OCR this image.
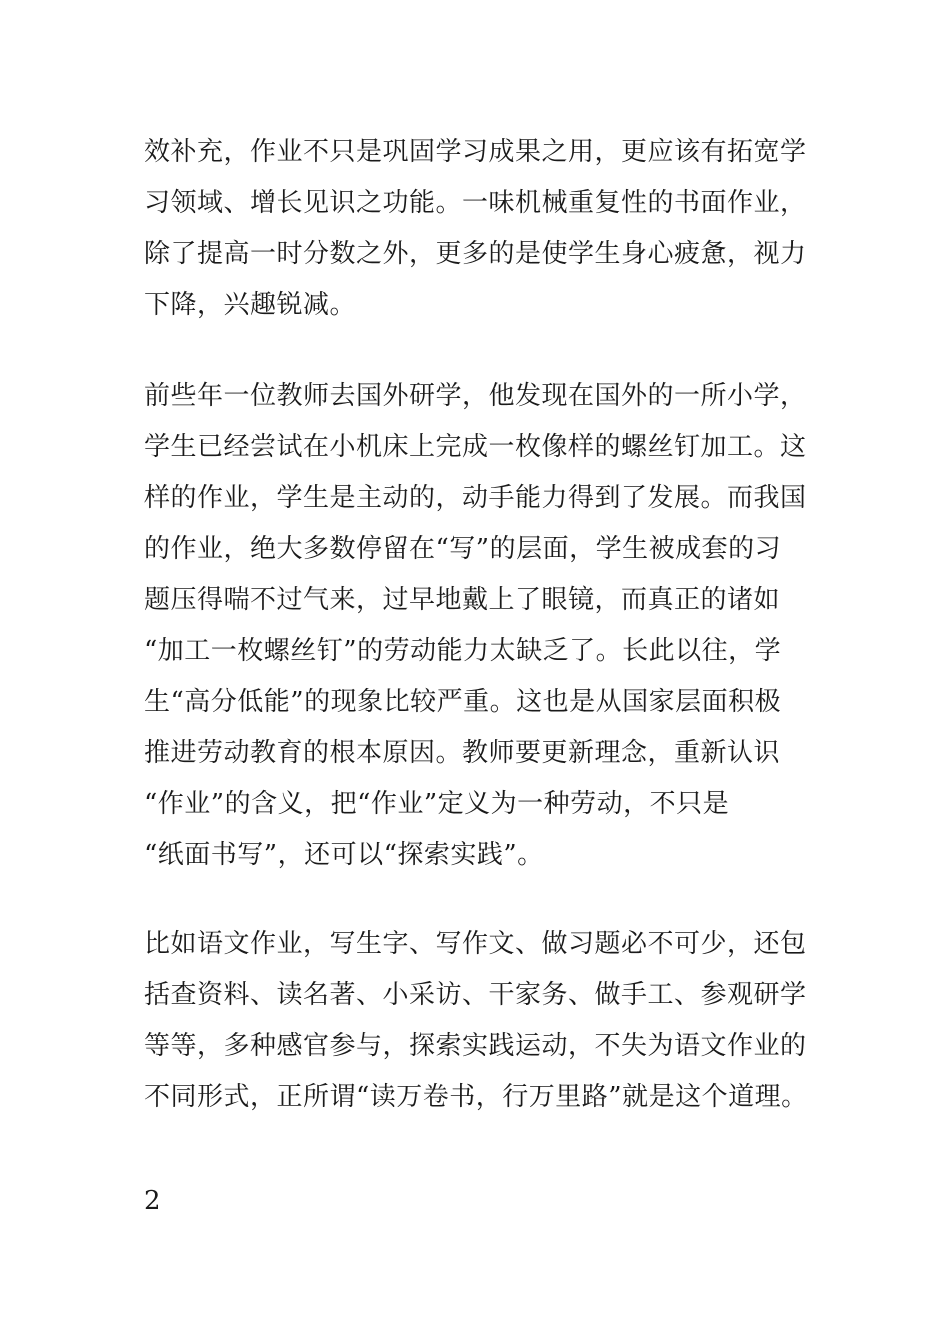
效补充，作业不只是巩固学习成果之用，更应该有拓宽学
习领域、增长见识之功能。一味机械重复性的书面作业，
除了提高一时分数之外，更多的是使学生身心疲惫，视力
下降，兴趣锐减。
前些年一位教师去国外研学，他发现在国外的一所小学，
学生已经尝试在小机床上完成一枚像样的螺丝钉加工。这
样的作业，学生是主动的，动手能力得到了发展。而我国
的作业，绝大多数停留在“写”的层面，学生被成套的习
题压得喘不过气来，过早地戴上了眼镜，而真正的诸如
“加工一枚螺丝钉”的劳动能力太缺乏了。长此以往，学
生“高分低能”的现象比较严重。这也是从国家层面积极
推进劳动教育的根本原因。教师要更新理念，重新认识
“作业”的含义，把“作业”定义为一种劳动，不只是
“纸面书写”，还可以“探索实践”。
比如语文作业，写生字、写作文、做习题必不可少，还包
括查资料、读名著、小采访、干家务、做手工、参观研学
等等，多种感官参与，探索实践运动，不失为语文作业的
不同形式，正所谓“读万卷书，行万里路”就是这个道理。
2
